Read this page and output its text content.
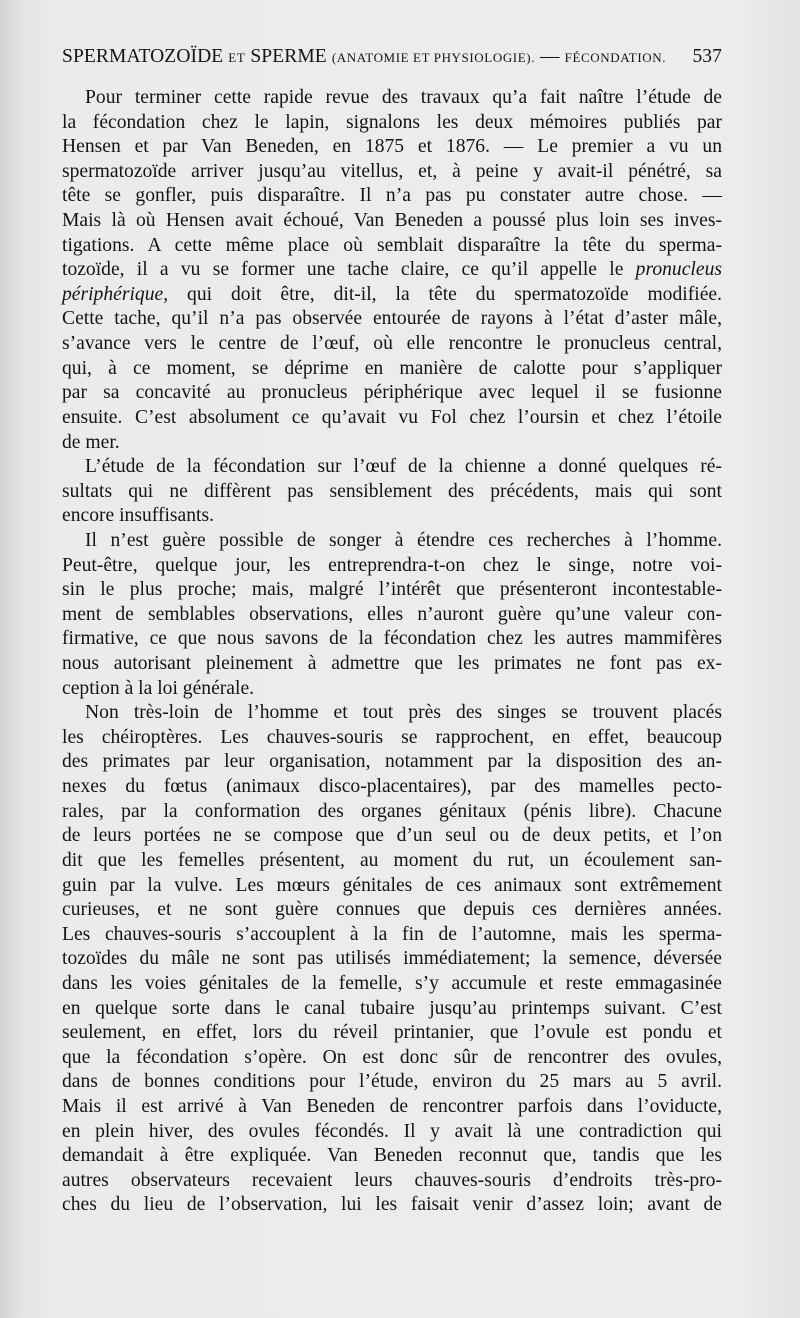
SPERMATOZOÏDE ET SPERME (ANATOMIE ET PHYSIOLOGIE). — FÉCONDATION. 537
Pour terminer cette rapide revue des travaux qu’a fait naître l’étude de
la fécondation chez le lapin, signalons les deux mémoires publiés par
Hensen et par Van Beneden, en 1875 et 1876. — Le premier a vu un
spermatozoïde arriver jusqu’au vitellus, et, à peine y avait-il pénétré, sa
tête se gonfler, puis disparaître. Il n’a pas pu constater autre chose. —
Mais là où Hensen avait échoué, Van Beneden a poussé plus loin ses inves-
tigations. A cette même place où semblait disparaître la tête du sperma-
tozoïde, il a vu se former une tache claire, ce qu’il appelle le pronucleus
périphérique, qui doit être, dit-il, la tête du spermatozoïde modifiée.
Cette tache, qu’il n’a pas observée entourée de rayons à l’état d’aster mâle,
s’avance vers le centre de l’œuf, où elle rencontre le pronucleus central,
qui, à ce moment, se déprime en manière de calotte pour s’appliquer
par sa concavité au pronucleus périphérique avec lequel il se fusionne
ensuite. C’est absolument ce qu’avait vu Fol chez l’oursin et chez l’étoile
de mer.
L’étude de la fécondation sur l’œuf de la chienne a donné quelques ré-
sultats qui ne diffèrent pas sensiblement des précédents, mais qui sont
encore insuffisants.
Il n’est guère possible de songer à étendre ces recherches à l’homme.
Peut-être, quelque jour, les entreprendra-t-on chez le singe, notre voi-
sin le plus proche; mais, malgré l’intérêt que présenteront incontestable-
ment de semblables observations, elles n’auront guère qu’une valeur con-
firmative, ce que nous savons de la fécondation chez les autres mammifères
nous autorisant pleinement à admettre que les primates ne font pas ex-
ception à la loi générale.
Non très-loin de l’homme et tout près des singes se trouvent placés
les chéiroptères. Les chauves-souris se rapprochent, en effet, beaucoup
des primates par leur organisation, notamment par la disposition des an-
nexes du fœtus (animaux disco-placentaires), par des mamelles pecto-
rales, par la conformation des organes génitaux (pénis libre). Chacune
de leurs portées ne se compose que d’un seul ou de deux petits, et l’on
dit que les femelles présentent, au moment du rut, un écoulement san-
guin par la vulve. Les mœurs génitales de ces animaux sont extrêmement
curieuses, et ne sont guère connues que depuis ces dernières années.
Les chauves-souris s’accouplent à la fin de l’automne, mais les sperma-
tozoïdes du mâle ne sont pas utilisés immédiatement; la semence, déversée
dans les voies génitales de la femelle, s’y accumule et reste emmagasinée
en quelque sorte dans le canal tubaire jusqu’au printemps suivant. C’est
seulement, en effet, lors du réveil printanier, que l’ovule est pondu et
que la fécondation s’opère. On est donc sûr de rencontrer des ovules,
dans de bonnes conditions pour l’étude, environ du 25 mars au 5 avril.
Mais il est arrivé à Van Beneden de rencontrer parfois dans l’oviducte,
en plein hiver, des ovules fécondés. Il y avait là une contradiction qui
demandait à être expliquée. Van Beneden reconnut que, tandis que les
autres observateurs recevaient leurs chauves-souris d’endroits très-pro-
ches du lieu de l’observation, lui les faisait venir d’assez loin; avant de
